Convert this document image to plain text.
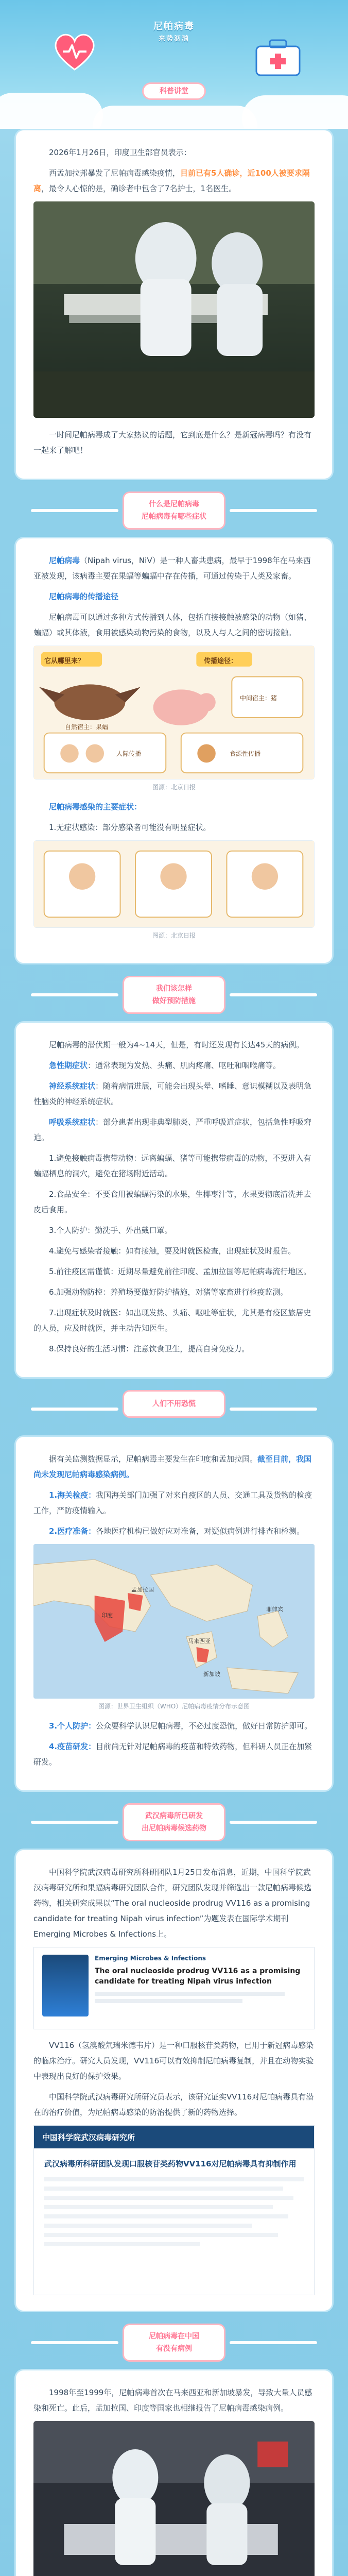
尼帕病毒
来势汹汹
科普讲堂

2026年1月26日，印度卫生部官员表示：

西孟加拉邦暴发了尼帕病毒感染疫情，目前已有5人确诊，近100人被要求隔离，最令人心惊的是，确诊者中包含了7名护士，1名医生。

一时间尼帕病毒成了大家热议的话题，它到底是什么？是新冠病毒吗？有没有一起来了解吧！

什么是尼帕病毒
尼帕病毒有哪些症状

尼帕病毒（Nipah virus，NiV）是一种人畜共患病，最早于1998年在马来西亚被发现，该病毒主要在果蝠等蝙蝠中存在传播，可通过传染于人类及家畜。

尼帕病毒的传播途径

尼帕病毒可以通过多种方式传播到人体，包括直接接触被感染的动物（如猪、蝙蝠）或其体液，食用被感染动物污染的食物，以及人与人之间的密切接触。

它从哪里来？	传播途径：
自然宿主：果蝠
中间宿主：猪
人际传播	食源性传播
图源：北京日报

尼帕病毒感染的主要症状：

1.无症状感染：部分感染者可能没有明显症状。

图源：北京日报
我们该怎样
做好预防措施

尼帕病毒的潜伏期一般为4~14天，但是，有时还发现有长达45天的病例。

急性期症状：通常表现为发热、头痛、肌肉疼痛、呕吐和咽喉痛等。

神经系统症状：随着病情进展，可能会出现头晕、嗜睡、意识模糊以及表明急性脑炎的神经系统症状。

呼吸系统症状：部分患者出现非典型肺炎、严重呼吸道症状，包括急性呼吸窘迫。

1.避免接触病毒携带动物：远离蝙蝠、猪等可能携带病毒的动物，不要进入有蝙蝠栖息的洞穴，避免在猪场附近活动。

2.食品安全：不要食用被蝙蝠污染的水果，生椰枣汁等，水果要彻底清洗并去皮后食用。

3.个人防护：勤洗手、外出戴口罩。

4.避免与感染者接触：如有接触，要及时就医检查，出现症状及时报告。

5.前往疫区需谨慎：近期尽量避免前往印度、孟加拉国等尼帕病毒流行地区。

6.加强动物防控：养殖场要做好防护措施，对猪等家畜进行检疫监测。

7.出现症状及时就医：如出现发热、头痛、呕吐等症状，尤其是有疫区旅居史的人员，应及时就医，并主动告知医生。

8.保持良好的生活习惯：注意饮食卫生，提高自身免疫力。

人们不用恐慌

据有关监测数据显示，尼帕病毒主要发生在印度和孟加拉国。截至目前，我国尚未发现尼帕病毒感染病例。

1.海关检疫：我国海关部门加强了对来自疫区的人员、交通工具及货物的检疫工作，严防疫情输入。

2.医疗准备：各地医疗机构已做好应对准备，对疑似病例进行排查和检测。

印度
孟加拉国
马来西亚
新加坡
菲律宾
图源：世界卫生组织（WHO）尼帕病毒疫情分布示意图

3.个人防护：公众要科学认识尼帕病毒，不必过度恐慌，做好日常防护即可。

4.疫苗研发：目前尚无针对尼帕病毒的疫苗和特效药物，但科研人员正在加紧研发。

武汉病毒所已研发
出尼帕病毒候选药物

中国科学院武汉病毒研究所科研团队1月25日发布消息，近期，中国科学院武汉病毒研究所和果蝠病毒研究团队合作，研究团队发现并筛选出一款尼帕病毒候选药物，相关研究成果以“The oral nucleoside prodrug VV116 as a promising candidate for treating Nipah virus infection”为题发表在国际学术期刊Emerging Microbes & Infections上。

Emerging Microbes & Infections
The oral nucleoside prodrug VV116 as a promising candidate for treating Nipah virus infection

VV116（氢溴酸氘瑞米德韦片）是一种口服核苷类药物，已用于新冠病毒感染的临床治疗。研究人员发现，VV116可以有效抑制尼帕病毒复制，并且在动物实验中表现出良好的保护效果。

中国科学院武汉病毒研究所研究员表示，该研究证实VV116对尼帕病毒具有潜在的治疗价值，为尼帕病毒感染的防治提供了新的药物选择。

中国科学院武汉病毒研究所
武汉病毒所科研团队发现口服核苷类药物VV116对尼帕病毒具有抑制作用
尼帕病毒在中国
有没有病例

1998年至1999年，尼帕病毒首次在马来西亚和新加坡暴发，导致大量人员感染和死亡。此后，孟加拉国、印度等国家也相继报告了尼帕病毒感染病例。
